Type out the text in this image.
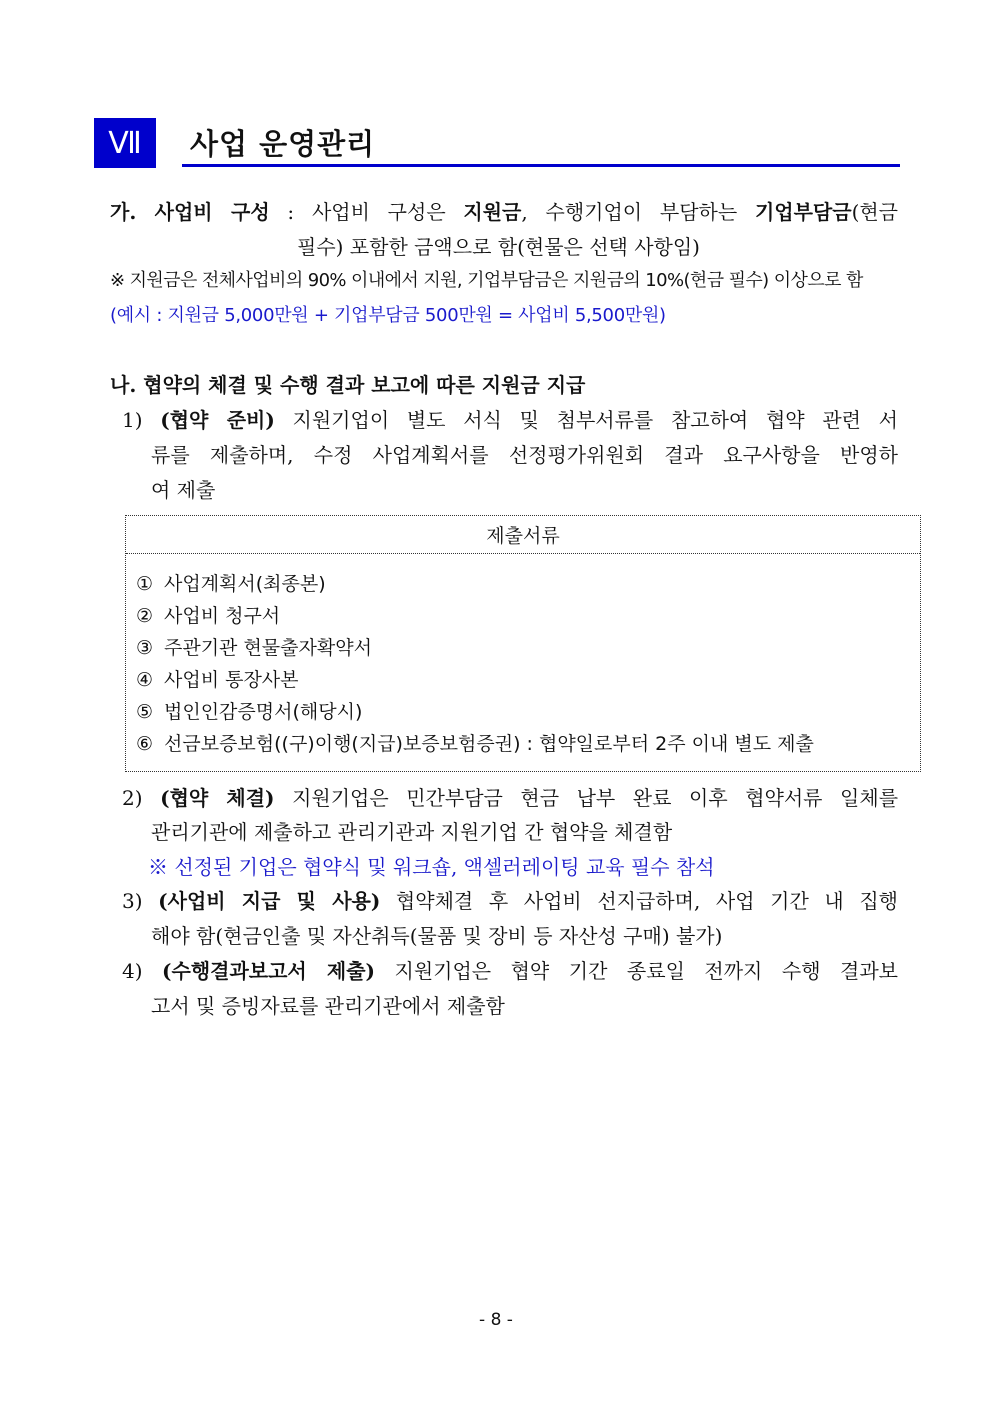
Ⅶ	사업 운영관리
가. 사업비 구성 : 사업비 구성은 지원금, 수행기업이 부담하는 기업부담금(현금
필수) 포함한 금액으로 함(현물은 선택 사항임)
※ 지원금은 전체사업비의 90% 이내에서 지원, 기업부담금은 지원금의 10%(현금 필수) 이상으로 함
(예시 : 지원금 5,000만원 + 기업부담금 500만원 = 사업비 5,500만원)
나. 협약의 체결 및 수행 결과 보고에 따른 지원금 지급
1) (협약 준비) 지원기업이 별도 서식 및 첨부서류를 참고하여 협약 관련 서
류를 제출하며, 수정 사업계획서를 선정평가위원회 결과 요구사항을 반영하
여 제출
제출서류
① 사업계획서(최종본)
② 사업비 청구서
③ 주관기관 현물출자확약서
④ 사업비 통장사본
⑤ 법인인감증명서(해당시)
⑥ 선금보증보험((구)이행(지급)보증보험증권) : 협약일로부터 2주 이내 별도 제출
2) (협약 체결) 지원기업은 민간부담금 현금 납부 완료 이후 협약서류 일체를
관리기관에 제출하고 관리기관과 지원기업 간 협약을 체결함
※ 선정된 기업은 협약식 및 워크숍, 액셀러레이팅 교육 필수 참석
3) (사업비 지급 및 사용) 협약체결 후 사업비 선지급하며, 사업 기간 내 집행
해야 함(현금인출 및 자산취득(물품 및 장비 등 자산성 구매) 불가)
4) (수행결과보고서 제출) 지원기업은 협약 기간 종료일 전까지 수행 결과보
고서 및 증빙자료를 관리기관에서 제출함
- 8 -
